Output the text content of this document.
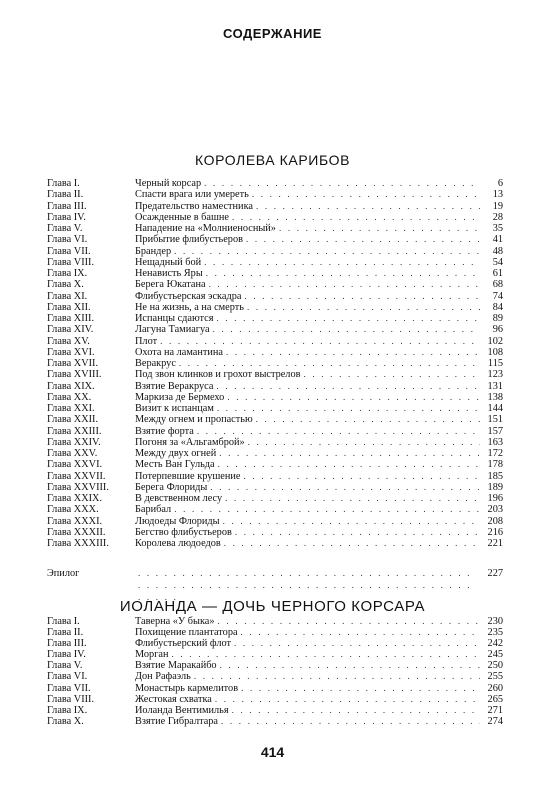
СОДЕРЖАНИЕ
КОРОЛЕВА КАРИБОВ
Глава I.	Черный корсар . . .	6
Глава II.	Спасти врага или умереть . . .	13
Глава III.	Предательство наместника . . .	19
Глава IV.	Осажденные в башне . . .	28
Глава V.	Нападение на «Молниеносный» . . .	35
Глава VI.	Прибытие флибустьеров . . .	41
Глава VII.	Брандер . . .	48
Глава VIII.	Нещадный бой . . .	54
Глава IX.	Ненависть Яры . . .	61
Глава X.	Берега Юкатана . . .	68
Глава XI.	Флибустьерская эскадра . . .	74
Глава XII.	Не на жизнь, а на смерть . . .	84
Глава XIII.	Испанцы сдаются . . .	89
Глава XIV.	Лагуна Тамиагуа . . .	96
Глава XV.	Плот . . .	102
Глава XVI.	Охота на ламантина . . .	108
Глава XVII.	Веракрус . . .	115
Глава XVIII.	Под звон клинков и грохот выстрелов . . .	123
Глава XIX.	Взятие Веракруса . . .	131
Глава XX.	Маркиза де Бермехо . . .	138
Глава XXI.	Визит к испанцам . . .	144
Глава XXII.	Между огнем и пропастью . . .	151
Глава XXIII.	Взятие форта . . .	157
Глава XXIV.	Погоня за «Альгамброй» . . .	163
Глава XXV.	Между двух огней . . .	172
Глава XXVI.	Месть Ван Гульда . . .	178
Глава XXVII.	Потерпевшие крушение . . .	185
Глава XXVIII.	Берега Флориды . . .	189
Глава XXIX.	В девственном лесу . . .	196
Глава XXX.	Барибал . . .	203
Глава XXXI.	Людоеды Флориды . . .	208
Глава XXXII.	Бегство флибустьеров . . .	216
Глава XXXIII.	Королева людоедов . . .	221
Эпилог . . .	227
ИОЛАНДА — ДОЧЬ ЧЕРНОГО КОРСАРА
Глава I.	Таверна «У быка» . . .	230
Глава II.	Похищение плантатора . . .	235
Глава III.	Флибустьерский флот . . .	242
Глава IV.	Морган . . .	245
Глава V.	Взятие Маракайбо . . .	250
Глава VI.	Дон Рафаэль . . .	255
Глава VII.	Монастырь кармелитов . . .	260
Глава VIII.	Жестокая схватка . . .	265
Глава IX.	Иоланда Вентимилья . . .	271
Глава X.	Взятие Гибралтара . . .	274
414
